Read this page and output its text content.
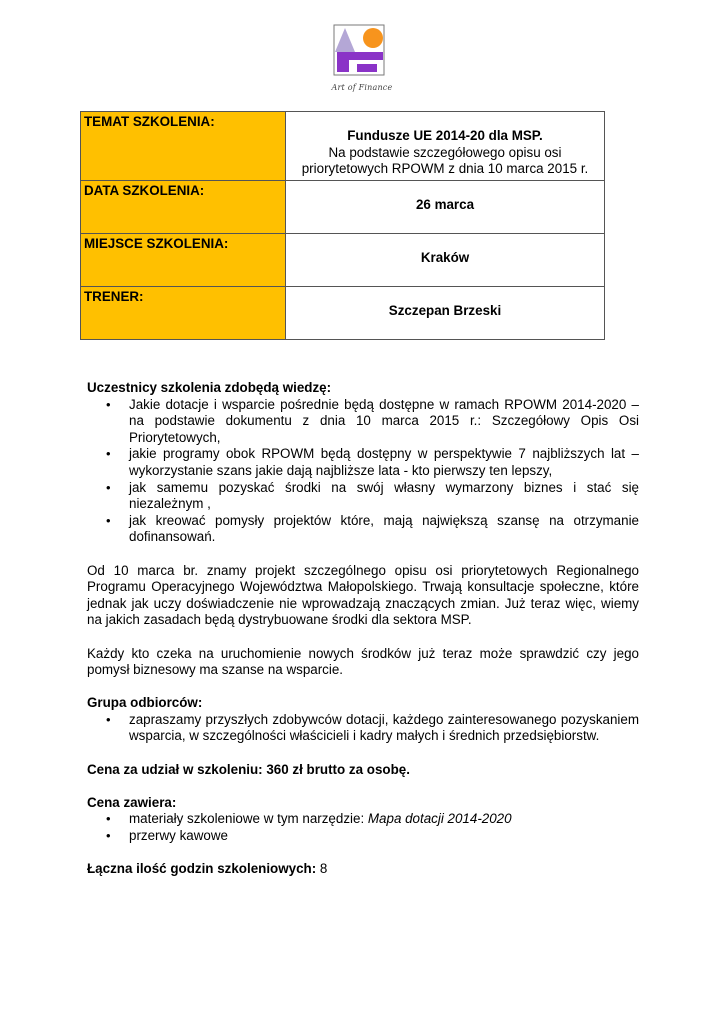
Art of Finance
TEMAT SZKOLENIA:	Fundusze UE 2014-20 dla MSP.
Na podstawie szczegółowego opisu osi priorytetowych RPOWM z dnia 10 marca 2015 r.

DATA SZKOLENIA:	26 marca

MIEJSCE SZKOLENIA:	Kraków

TRENER:	Szczepan Brzeski

Uczestnicy szkolenia zdobędą wiedzę:

• Jakie dotacje i wsparcie pośrednie będą dostępne w ramach RPOWM 2014-2020 – na podstawie dokumentu z dnia 10 marca 2015 r.: Szczegółowy Opis Osi Priorytetowych,
• jakie programy obok RPOWM będą dostępny w perspektywie 7 najbliższych lat – wykorzystanie szans jakie dają najbliższe lata - kto pierwszy ten lepszy,
• jak samemu pozyskać środki na swój własny wymarzony biznes i stać się niezależnym ,
• jak kreować pomysły projektów które, mają największą szansę na otrzymanie dofinansowań.

Od 10 marca br. znamy projekt szczególnego opisu osi priorytetowych Regionalnego Programu Operacyjnego Województwa Małopolskiego. Trwają konsultacje społeczne, które jednak jak uczy doświadczenie nie wprowadzają znaczących zmian. Już teraz więc, wiemy na jakich zasadach będą dystrybuowane środki dla sektora MSP.

Każdy kto czeka na uruchomienie nowych środków już teraz może sprawdzić czy jego pomysł biznesowy ma szanse na wsparcie.

Grupa odbiorców:

• zapraszamy przyszłych zdobywców dotacji, każdego zainteresowanego pozyskaniem wsparcia, w szczególności właścicieli i kadry małych i średnich przedsiębiorstw.

Cena za udział w szkoleniu: 360 zł brutto za osobę.

Cena zawiera:

• materiały szkoleniowe w tym narzędzie: Mapa dotacji 2014-2020
• przerwy kawowe

Łączna ilość godzin szkoleniowych: 8
